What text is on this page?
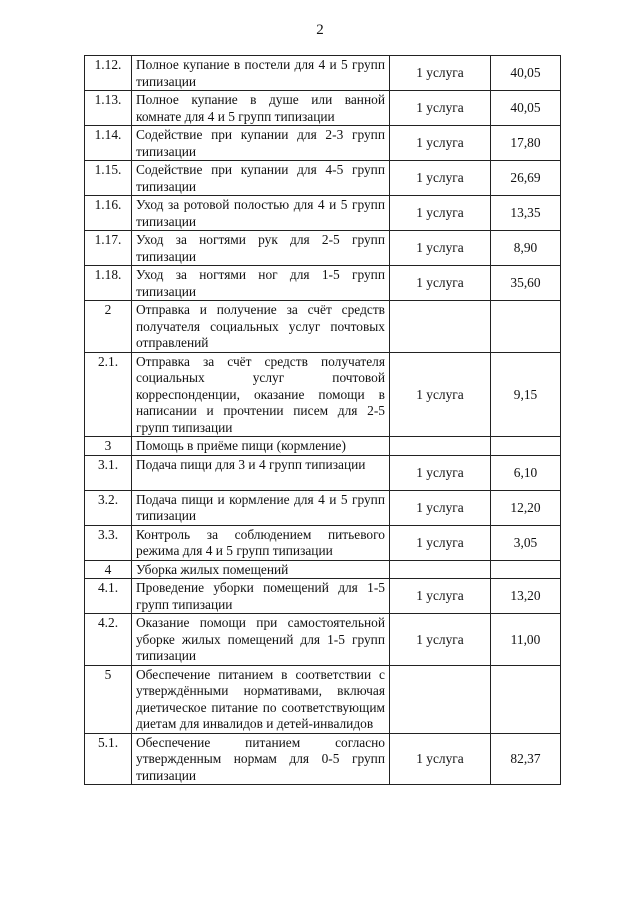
2
1.12.	Полное купание в постели для 4 и 5 групп типизации	1 услуга	40,05
1.13.	Полное купание в душе или ванной комнате для 4 и 5 групп типизации	1 услуга	40,05
1.14.	Содействие при купании для 2-3 групп типизации	1 услуга	17,80
1.15.	Содействие при купании для 4-5 групп типизации	1 услуга	26,69
1.16.	Уход за ротовой полостью для 4 и 5 групп типизации	1 услуга	13,35
1.17.	Уход за ногтями рук для 2-5 групп типизации	1 услуга	8,90
1.18.	Уход за ногтями ног для 1-5 групп типизации	1 услуга	35,60
2	Отправка и получение за счёт средств получателя социальных услуг почтовых отправлений		
2.1.	Отправка за счёт средств получателя социальных услуг почтовой корреспонденции, оказание помощи в написании и прочтении писем для 2-5 групп типизации	1 услуга	9,15
3	Помощь в приёме пищи (кормление)		
3.1.	Подача пищи для 3 и 4 групп типизации	1 услуга	6,10
3.2.	Подача пищи и кормление для 4 и 5 групп типизации	1 услуга	12,20
3.3.	Контроль за соблюдением питьевого режима для 4 и 5 групп типизации	1 услуга	3,05
4	Уборка жилых помещений		
4.1.	Проведение уборки помещений для 1-5 групп типизации	1 услуга	13,20
4.2.	Оказание помощи при самостоятельной уборке жилых помещений для 1-5 групп типизации	1 услуга	11,00
5	Обеспечение питанием в соответствии с утверждёнными нормативами, включая диетическое питание по соответствующим диетам для инвалидов и детей-инвалидов		
5.1.	Обеспечение питанием согласно утвержденным нормам для 0-5 групп типизации	1 услуга	82,37
